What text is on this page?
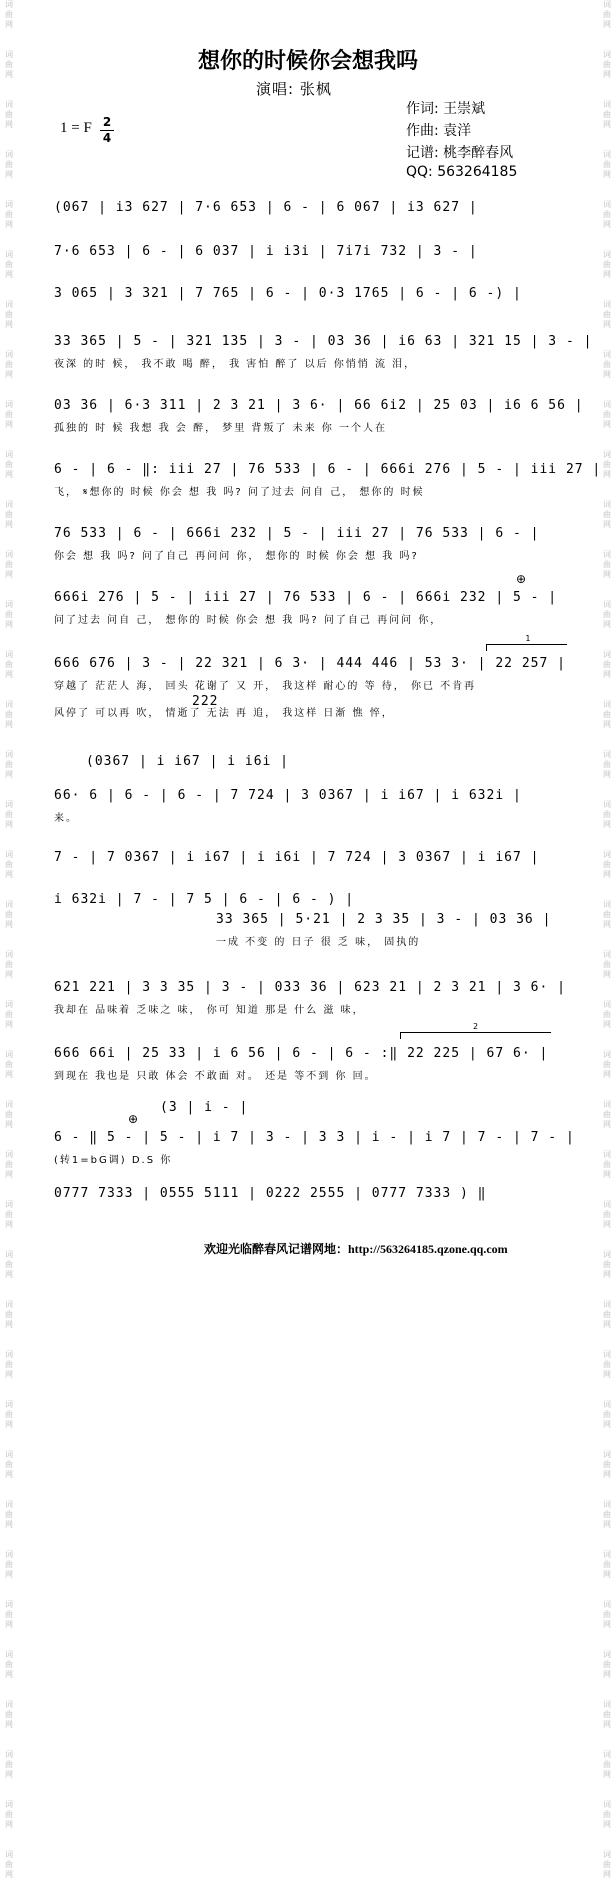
词
曲
网

词
曲
网

词
曲
网

词
曲
网

词
曲
网

词
曲
网

词
曲
网

词
曲
网

词
曲
网

词
曲
网

词
曲
网

词
曲
网

词
曲
网

词
曲
网

词
曲
网

词
曲
网

词
曲
网

词
曲
网

词
曲
网

词
曲
网

词
曲
网

词
曲
网

词
曲
网

词
曲
网

词
曲
网

词
曲
网

词
曲
网

词
曲
网

词
曲
网

词
曲
网

词
曲
网

词
曲
网

词
曲
网

词
曲
网

词
曲
网

词
曲
网

词
曲
网

词
曲
网

词
曲
网

词
曲
网

词
曲
网

词
曲
网

词
曲
网

词
曲
网

词
曲
网

词
曲
网

词
曲
网

词
曲
网

词
曲
网

词
曲
网

词
曲
网

词
曲
网

词
曲
网

词
曲
网

词
曲
网

词
曲
网

词
曲
网

词
曲
网

词
曲
网

词
曲
网

词
曲
网

词
曲
网

词
曲
网

词
曲
网

词
曲
网

词
曲
网

词
曲
网

词
曲
网

词
曲
网

词
曲
网

词
曲
网

词
曲
网

词
曲
网

词
曲
网

词
曲
网

词
曲
网

想你的时候你会想我吗
演唱: 张枫
1 = F 2
4
作词: 王崇斌
作曲: 袁洋
记谱: 桃李醉春风
QQ: 563264185
(067 | i3 627 | 7·6 653 | 6 - | 6 067 | i3 627 |
7·6 653 | 6 - | 6 037 | i i3i | 7i7i 732 | 3 - |
3 065 | 3 321 | 7 765 | 6 - | 0·3 1765 | 6 - | 6 -) |
33 365 | 5 - | 321 135 | 3 - | 03 36 | i6 63 | 321 15 | 3 - |
夜深 的时 候， 我不敢 喝 醉， 我 害怕 醉了 以后 你悄悄 流 泪，
03 36 | 6·3 311 | 2 3 21 | 3 6· | 66 6i2 | 25 03 | i6 6 56 |
孤独的 时 候 我想 我 会 醉， 梦里 背叛了 未来 你 一个人在
6 - | 6 - ‖: iii 27 | 76 533 | 6 - | 666i 276 | 5 - | iii 27 |
飞， 𝄋想你的 时候 你会 想 我 吗? 问了过去 问自 己， 想你的 时候
76 533 | 6 - | 666i 232 | 5 - | iii 27 | 76 533 | 6 - |
你会 想 我 吗? 问了自己 再问问 你， 想你的 时候 你会 想 我 吗?
⊕
666i 276 | 5 - | iii 27 | 76 533 | 6 - | 666i 232 | 5 - |
问了过去 问自 己， 想你的 时候 你会 想 我 吗? 问了自己 再问问 你，
1
666 676 | 3 - | 22 321 | 6 3· | 444 446 | 53 3· | 22 257 |
穿越了 茫茫人 海， 回头 花谢了 又 开， 我这样 耐心的 等 待， 你已 不肯再
风停了 可以再 吹， 情逝了 无法 再 追， 我这样 日渐 憔 悴，
222
(0367 | i i67 | i i6i |
66· 6 | 6 - | 6 - | 7 724 | 3 0367 | i i67 | i 632i |
来。
7 - | 7 0367 | i i67 | i i6i | 7 724 | 3 0367 | i i67 |
i 632i | 7 - | 7 5 | 6 - | 6 - ) |
33 365 | 5·21 | 2 3 35 | 3 - | 03 36 |
一成 不变 的 日子 很 乏 味， 固执的
621 221 | 3 3 35 | 3 - | 033 36 | 623 21 | 2 3 21 | 3 6· |
我却在 品味着 乏味之 味， 你可 知道 那是 什么 滋 味，
2
666 66i | 25 33 | i 6 56 | 6 - | 6 - :‖ 22 225 | 67 6· |
到现在 我也是 只敢 体会 不敢面 对。 还是 等不到 你 回。
(3 | i - |
⊕
6 - ‖ 5 - | 5 - | i 7 | 3 - | 3 3 | i - | i 7 | 7 - | 7 - |
(转1=bG调) D.S 你
0777 7333 | 0555 5111 | 0222 2555 | 0777 7333 ) ‖
欢迎光临醉春风记谱网地：http://563264185.qzone.qq.com
